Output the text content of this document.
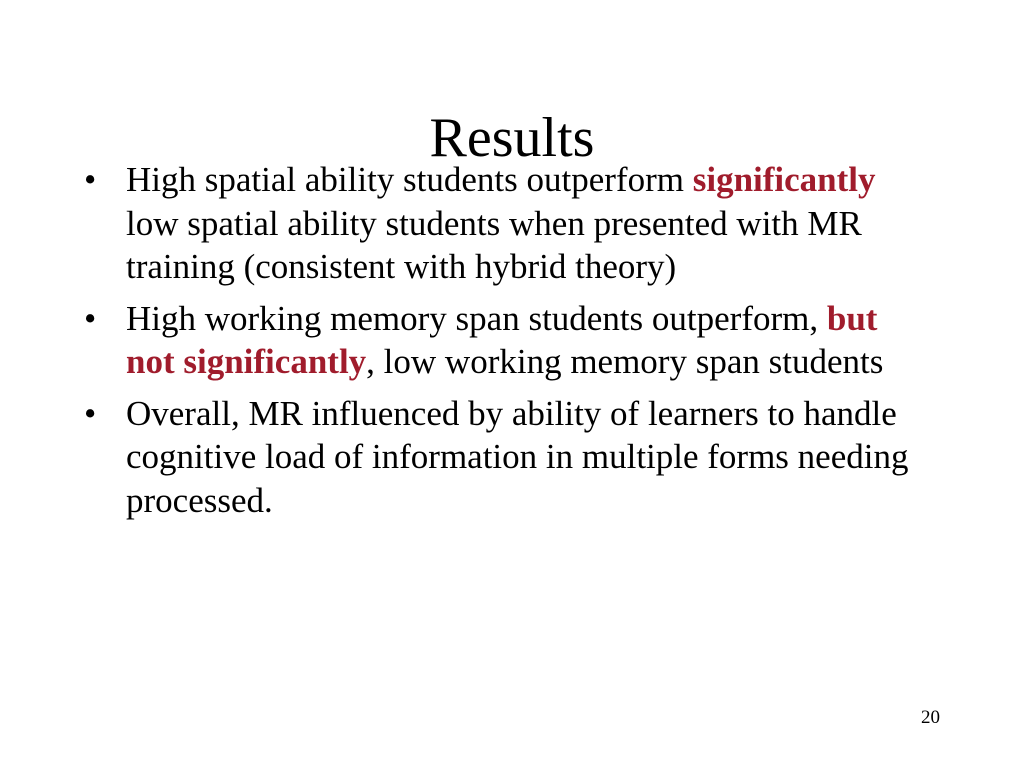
Results
• High spatial ability students outperform significantly low spatial ability students when presented with MR training (consistent with hybrid theory)
• High working memory span students outperform, but not significantly, low working memory span students
• Overall, MR influenced by ability of learners to handle cognitive load of information in multiple forms needing processed.
20
